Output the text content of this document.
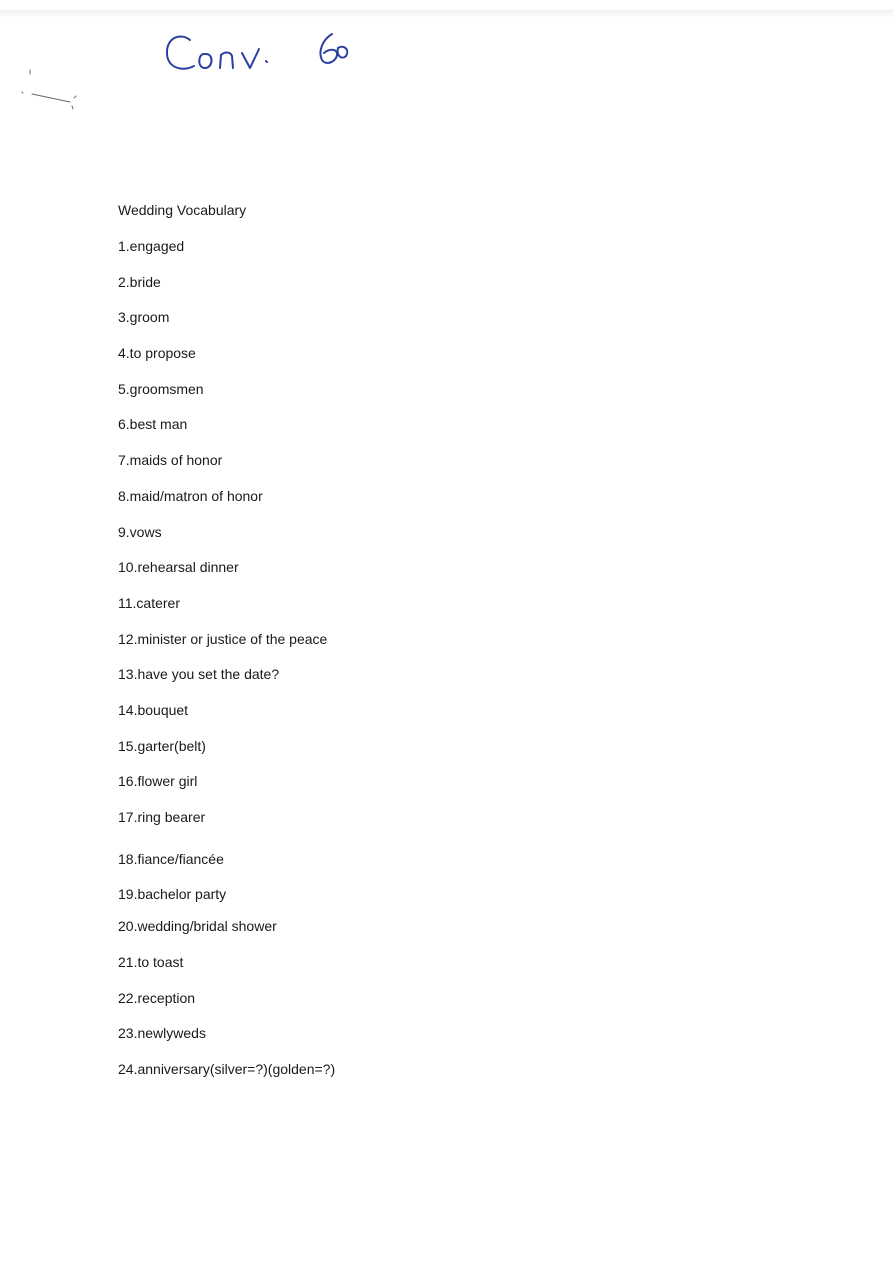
Wedding Vocabulary
1.engaged
2.bride
3.groom
4.to propose
5.groomsmen
6.best man
7.maids of honor
8.maid/matron of honor
9.vows
10.rehearsal dinner
11.caterer
12.minister or justice of the peace
13.have you set the date?
14.bouquet
15.garter(belt)
16.flower girl
17.ring bearer
18.fiance/fiancée
19.bachelor party
20.wedding/bridal shower
21.to toast
22.reception
23.newlyweds
24.anniversary(silver=?)(golden=?)
